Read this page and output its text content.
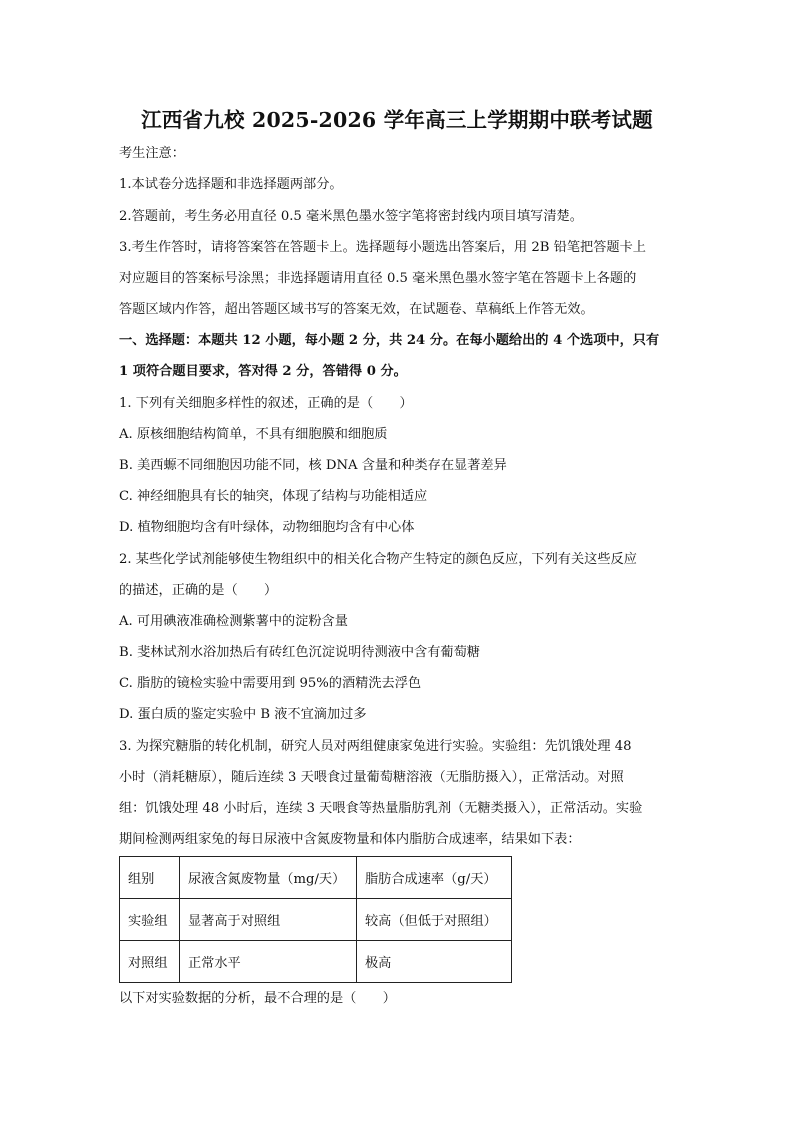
江西省九校 2025-2026 学年高三上学期期中联考试题
考生注意：
1.本试卷分选择题和非选择题两部分。
2.答题前，考生务必用直径 0.5 毫米黑色墨水签字笔将密封线内项目填写清楚。
3.考生作答时，请将答案答在答题卡上。选择题每小题选出答案后，用 2B 铅笔把答题卡上
对应题目的答案标号涂黑；非选择题请用直径 0.5 毫米黑色墨水签字笔在答题卡上各题的
答题区域内作答，超出答题区域书写的答案无效，在试题卷、草稿纸上作答无效。
一、选择题：本题共 12 小题，每小题 2 分，共 24 分。在每小题给出的 4 个选项中，只有
1 项符合题目要求，答对得 2 分，答错得 0 分。
1. 下列有关细胞多样性的叙述，正确的是（　　）
A. 原核细胞结构简单，不具有细胞膜和细胞质
B. 美西螈不同细胞因功能不同，核 DNA 含量和种类存在显著差异
C. 神经细胞具有长的轴突，体现了结构与功能相适应
D. 植物细胞均含有叶绿体，动物细胞均含有中心体
2. 某些化学试剂能够使生物组织中的相关化合物产生特定的颜色反应，下列有关这些反应
的描述，正确的是（　　）
A. 可用碘液准确检测紫薯中的淀粉含量
B. 斐林试剂水浴加热后有砖红色沉淀说明待测液中含有葡萄糖
C. 脂肪的镜检实验中需要用到 95%的酒精洗去浮色
D. 蛋白质的鉴定实验中 B 液不宜滴加过多
3. 为探究糖脂的转化机制，研究人员对两组健康家兔进行实验。实验组：先饥饿处理 48
小时（消耗糖原），随后连续 3 天喂食过量葡萄糖溶液（无脂肪摄入），正常活动。对照
组：饥饿处理 48 小时后，连续 3 天喂食等热量脂肪乳剂（无糖类摄入），正常活动。实验
期间检测两组家兔的每日尿液中含氮废物量和体内脂肪合成速率，结果如下表：
组别	尿液含氮废物量（mg/天）	脂肪合成速率（g/天）
实验组	显著高于对照组	较高（但低于对照组）
对照组	正常水平	极高
以下对实验数据的分析，最不合理的是（　　）
